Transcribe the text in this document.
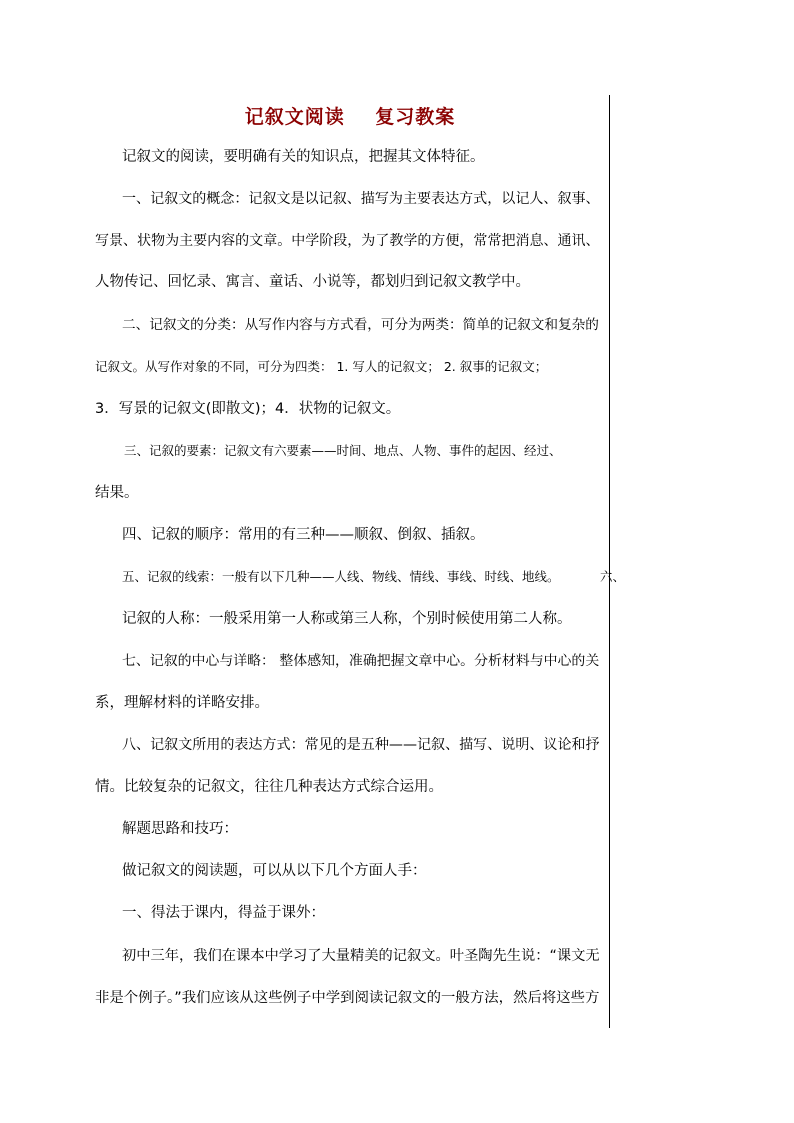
记叙文阅读    复习教案
记叙文的阅读，要明确有关的知识点，把握其文体特征。
一、记叙文的概念：记叙文是以记叙、描写为主要表达方式，以记人、叙事、
写景、状物为主要内容的文章。中学阶段，为了教学的方便，常常把消息、通讯、
人物传记、回忆录、寓言、童话、小说等，都划归到记叙文教学中。
二、记叙文的分类：从写作内容与方式看，可分为两类：简单的记叙文和复杂的
记叙文。从写作对象的不同，可分为四类： 1. 写人的记叙文； 2. 叙事的记叙文；
3．写景的记叙文(即散文)；4．状物的记叙文。
三、记叙的要素：记叙文有六要素——时间、地点、人物、事件的起因、经过、
结果。
四、记叙的顺序：常用的有三种——顺叙、倒叙、插叙。
五、记叙的线索：一般有以下几种——人线、物线、情线、事线、时线、地线。	六、
记叙的人称：一般采用第一人称或第三人称，个别时候使用第二人称。
七、记叙的中心与详略： 整体感知，准确把握文章中心。分析材料与中心的关
系，理解材料的详略安排。
八、记叙文所用的表达方式：常见的是五种——记叙、描写、说明、议论和抒
情。比较复杂的记叙文，往往几种表达方式综合运用。
解题思路和技巧：
做记叙文的阅读题，可以从以下几个方面人手：
一、得法于课内，得益于课外：
初中三年，我们在课本中学习了大量精美的记叙文。叶圣陶先生说：“课文无
非是个例子。”我们应该从这些例子中学到阅读记叙文的一般方法，然后将这些方
